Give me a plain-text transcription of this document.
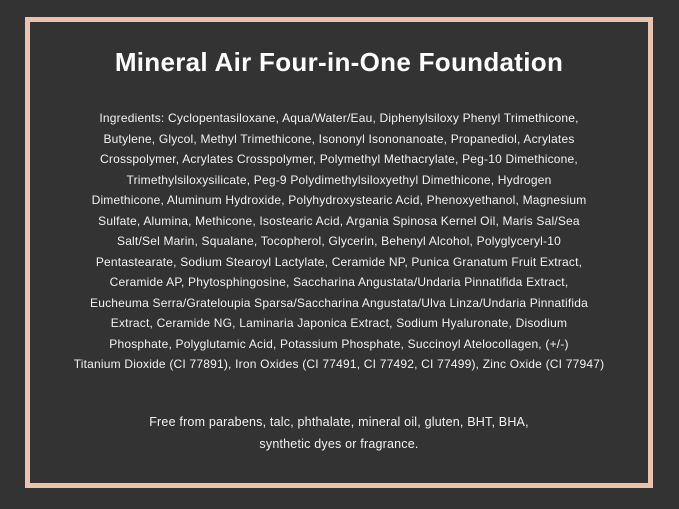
Mineral Air Four-in-One Foundation
Ingredients: Cyclopentasiloxane, Aqua/Water/Eau, Diphenylsiloxy Phenyl Trimethicone,
Butylene, Glycol, Methyl Trimethicone, Isononyl Isononanoate, Propanediol, Acrylates
Crosspolymer, Acrylates Crosspolymer, Polymethyl Methacrylate, Peg-10 Dimethicone,
Trimethylsiloxysilicate, Peg-9 Polydimethylsiloxyethyl Dimethicone, Hydrogen
Dimethicone, Aluminum Hydroxide, Polyhydroxystearic Acid, Phenoxyethanol, Magnesium
Sulfate, Alumina, Methicone, Isostearic Acid, Argania Spinosa Kernel Oil, Maris Sal/Sea
Salt/Sel Marin, Squalane, Tocopherol, Glycerin, Behenyl Alcohol, Polyglyceryl-10
Pentastearate, Sodium Stearoyl Lactylate, Ceramide NP, Punica Granatum Fruit Extract,
Ceramide AP, Phytosphingosine, Saccharina Angustata/Undaria Pinnatifida Extract,
Eucheuma Serra/Grateloupia Sparsa/Saccharina Angustata/Ulva Linza/Undaria Pinnatifida
Extract, Ceramide NG, Laminaria Japonica Extract, Sodium Hyaluronate, Disodium
Phosphate, Polyglutamic Acid, Potassium Phosphate, Succinoyl Atelocollagen, (+/-)
Titanium Dioxide (CI 77891), Iron Oxides (CI 77491, CI 77492, CI 77499), Zinc Oxide (CI 77947)
Free from parabens, talc, phthalate, mineral oil, gluten, BHT, BHA,
synthetic dyes or fragrance.
